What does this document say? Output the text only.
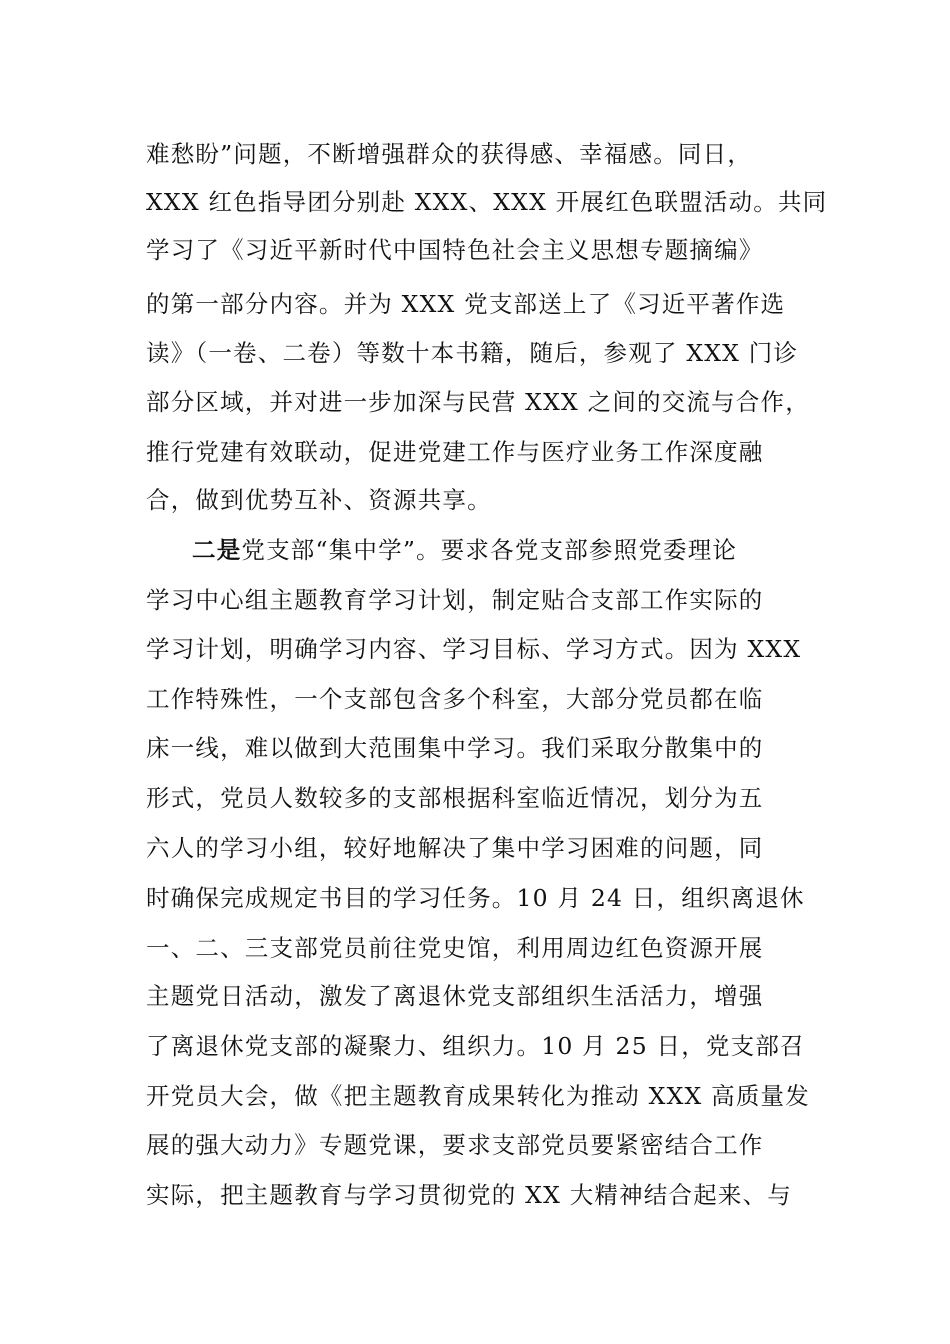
难愁盼”问题，不断增强群众的获得感、幸福感。同日，
XXX 红色指导团分别赴 XXX、XXX 开展红色联盟活动。共同
学习了《习近平新时代中国特色社会主义思想专题摘编》
的第一部分内容。并为 XXX 党支部送上了《习近平著作选
读》（一卷、二卷）等数十本书籍，随后，参观了 XXX 门诊
部分区域，并对进一步加深与民营 XXX 之间的交流与合作，
推行党建有效联动，促进党建工作与医疗业务工作深度融
合，做到优势互补、资源共享。
二是党支部“集中学”。要求各党支部参照党委理论
学习中心组主题教育学习计划，制定贴合支部工作实际的
学习计划，明确学习内容、学习目标、学习方式。因为 XXX
工作特殊性，一个支部包含多个科室，大部分党员都在临
床一线，难以做到大范围集中学习。我们采取分散集中的
形式，党员人数较多的支部根据科室临近情况，划分为五
六人的学习小组，较好地解决了集中学习困难的问题，同
时确保完成规定书目的学习任务。10 月 24 日，组织离退休
一、二、三支部党员前往党史馆，利用周边红色资源开展
主题党日活动，激发了离退休党支部组织生活活力，增强
了离退休党支部的凝聚力、组织力。10 月 25 日，党支部召
开党员大会，做《把主题教育成果转化为推动 XXX 高质量发
展的强大动力》专题党课，要求支部党员要紧密结合工作
实际，把主题教育与学习贯彻党的 XX 大精神结合起来、与
